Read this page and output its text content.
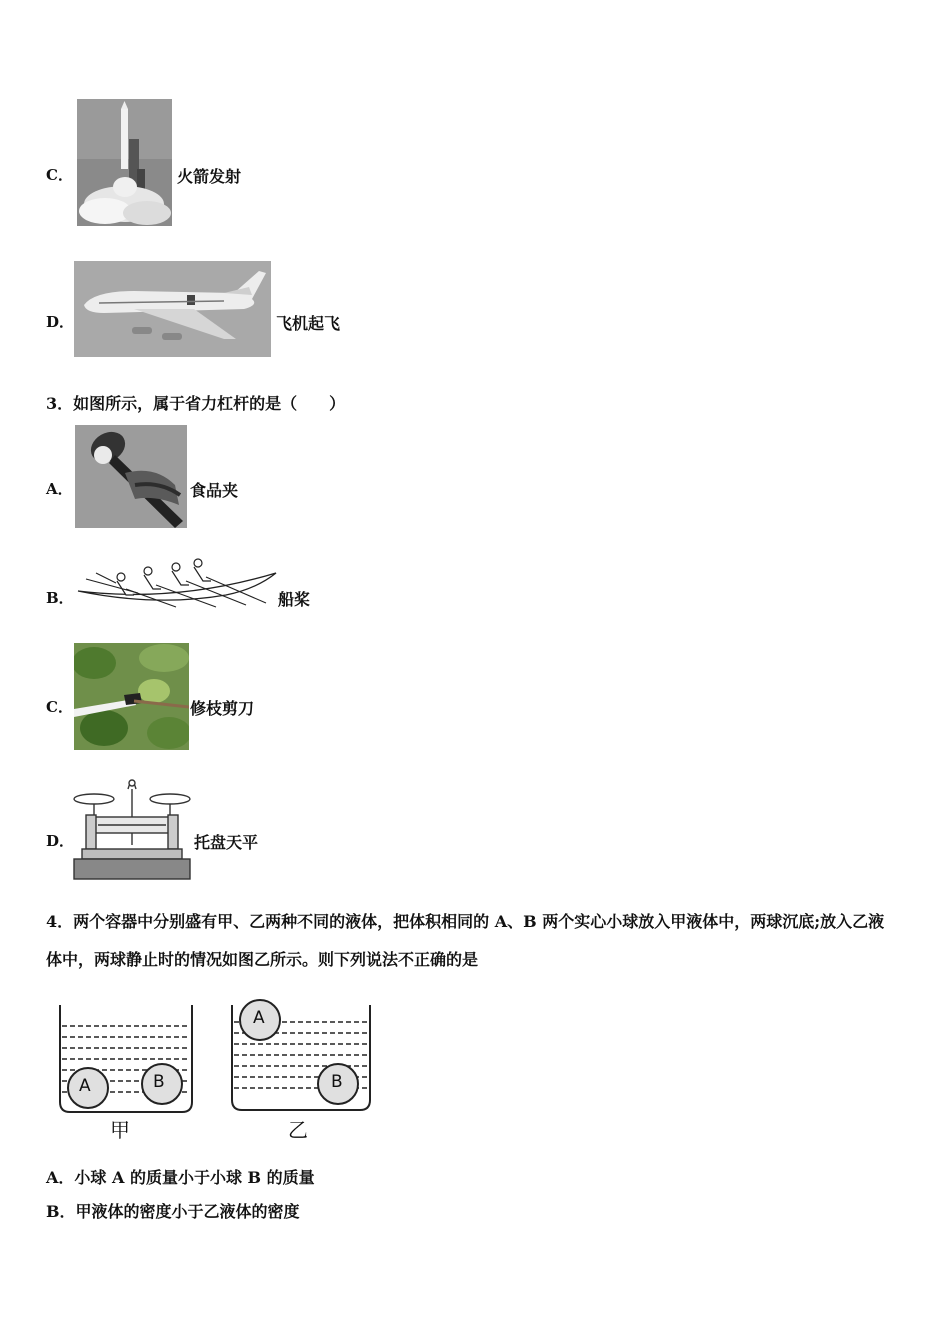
C．	火箭发射
D．	飞机起飞
3．如图所示，属于省力杠杆的是（　　）
A．	食品夹
B．	船桨
C．	修枝剪刀
D．	托盘天平
4．两个容器中分别盛有甲、乙两种不同的液体，把体积相同的 A、B 两个实心小球放入甲液体中，两球沉底;放入乙液
体中，两球静止时的情况如图乙所示。则下列说法不正确的是
A	B
甲
A
B
乙
A．小球 A 的质量小于小球 B 的质量
B．甲液体的密度小于乙液体的密度
